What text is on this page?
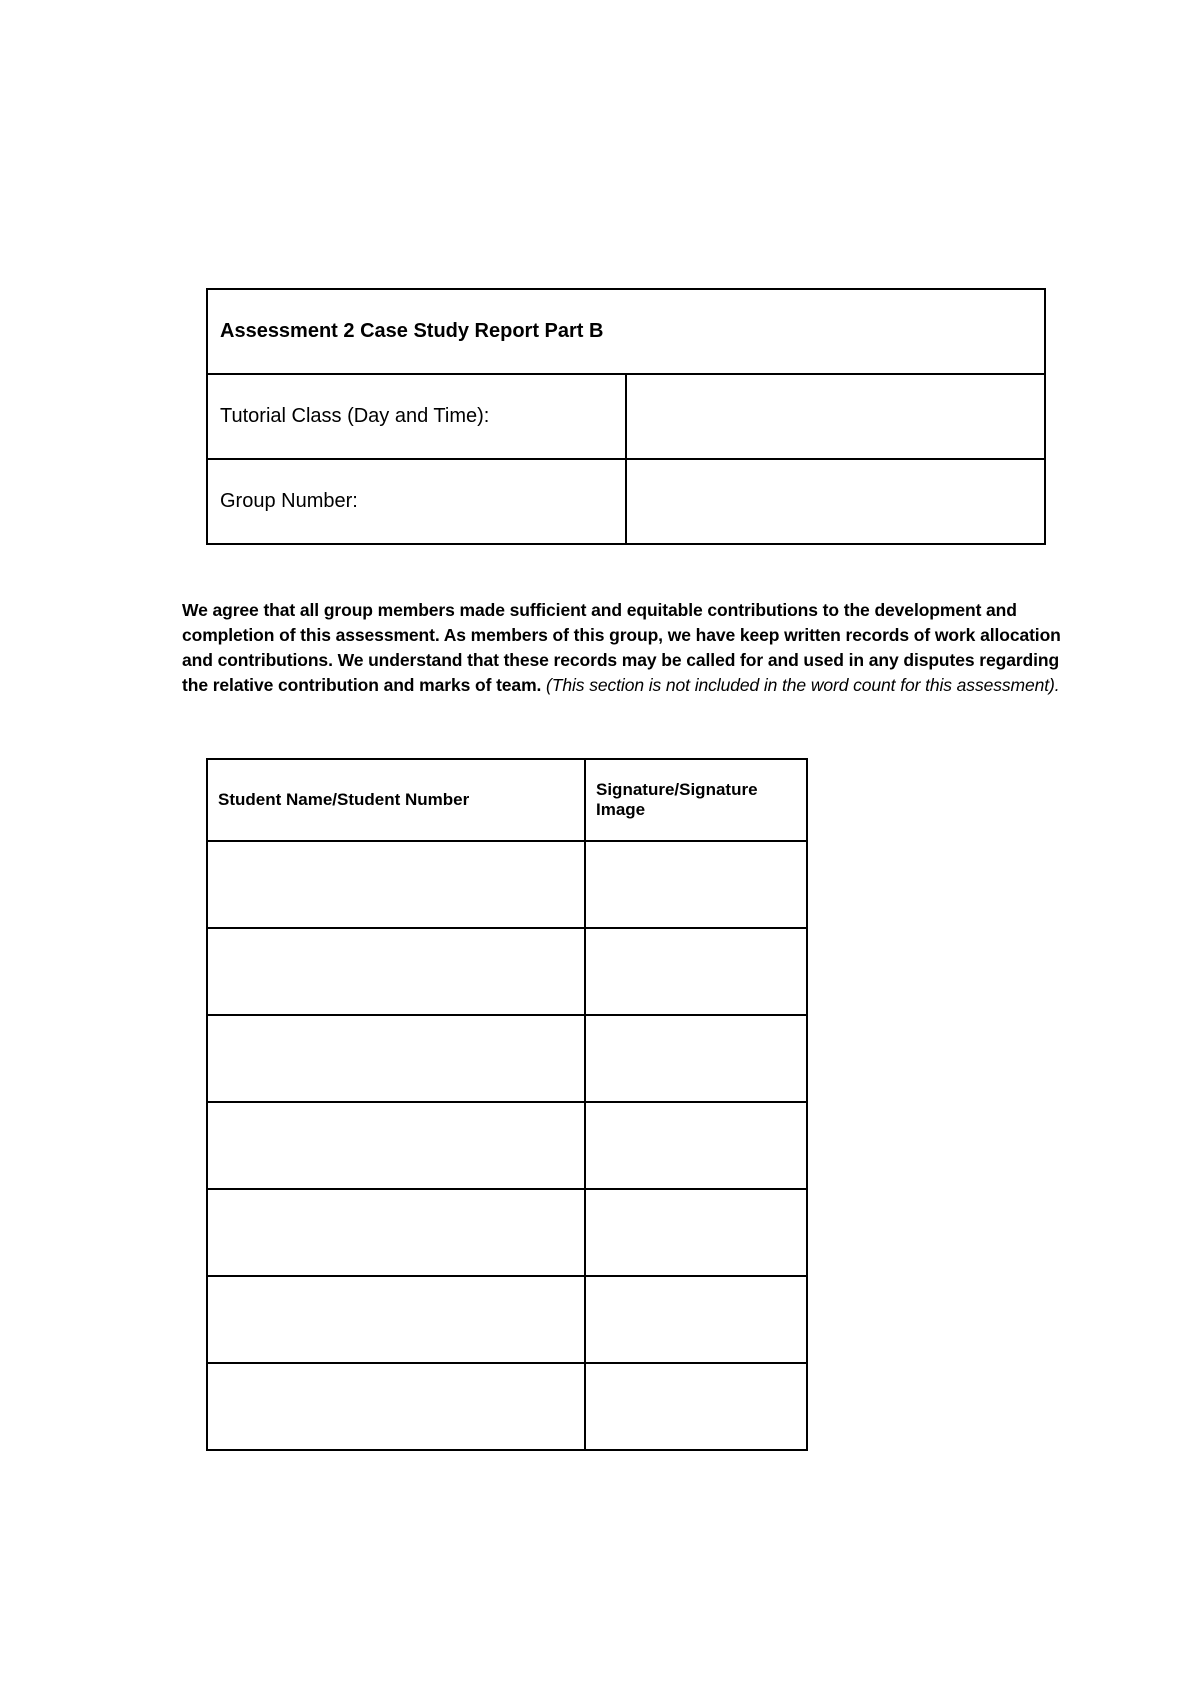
Assessment 2 Case Study Report Part B	
Tutorial Class (Day and Time):	
Group Number:	

We agree that all group members made sufficient and equitable contributions to the development and completion of this assessment. As members of this group, we have keep written records of work allocation and contributions. We understand that these records may be called for and used in any disputes regarding the relative contribution and marks of team. (This section is not included in the word count for this assessment).

Student Name/Student Number	Signature/Signature Image
